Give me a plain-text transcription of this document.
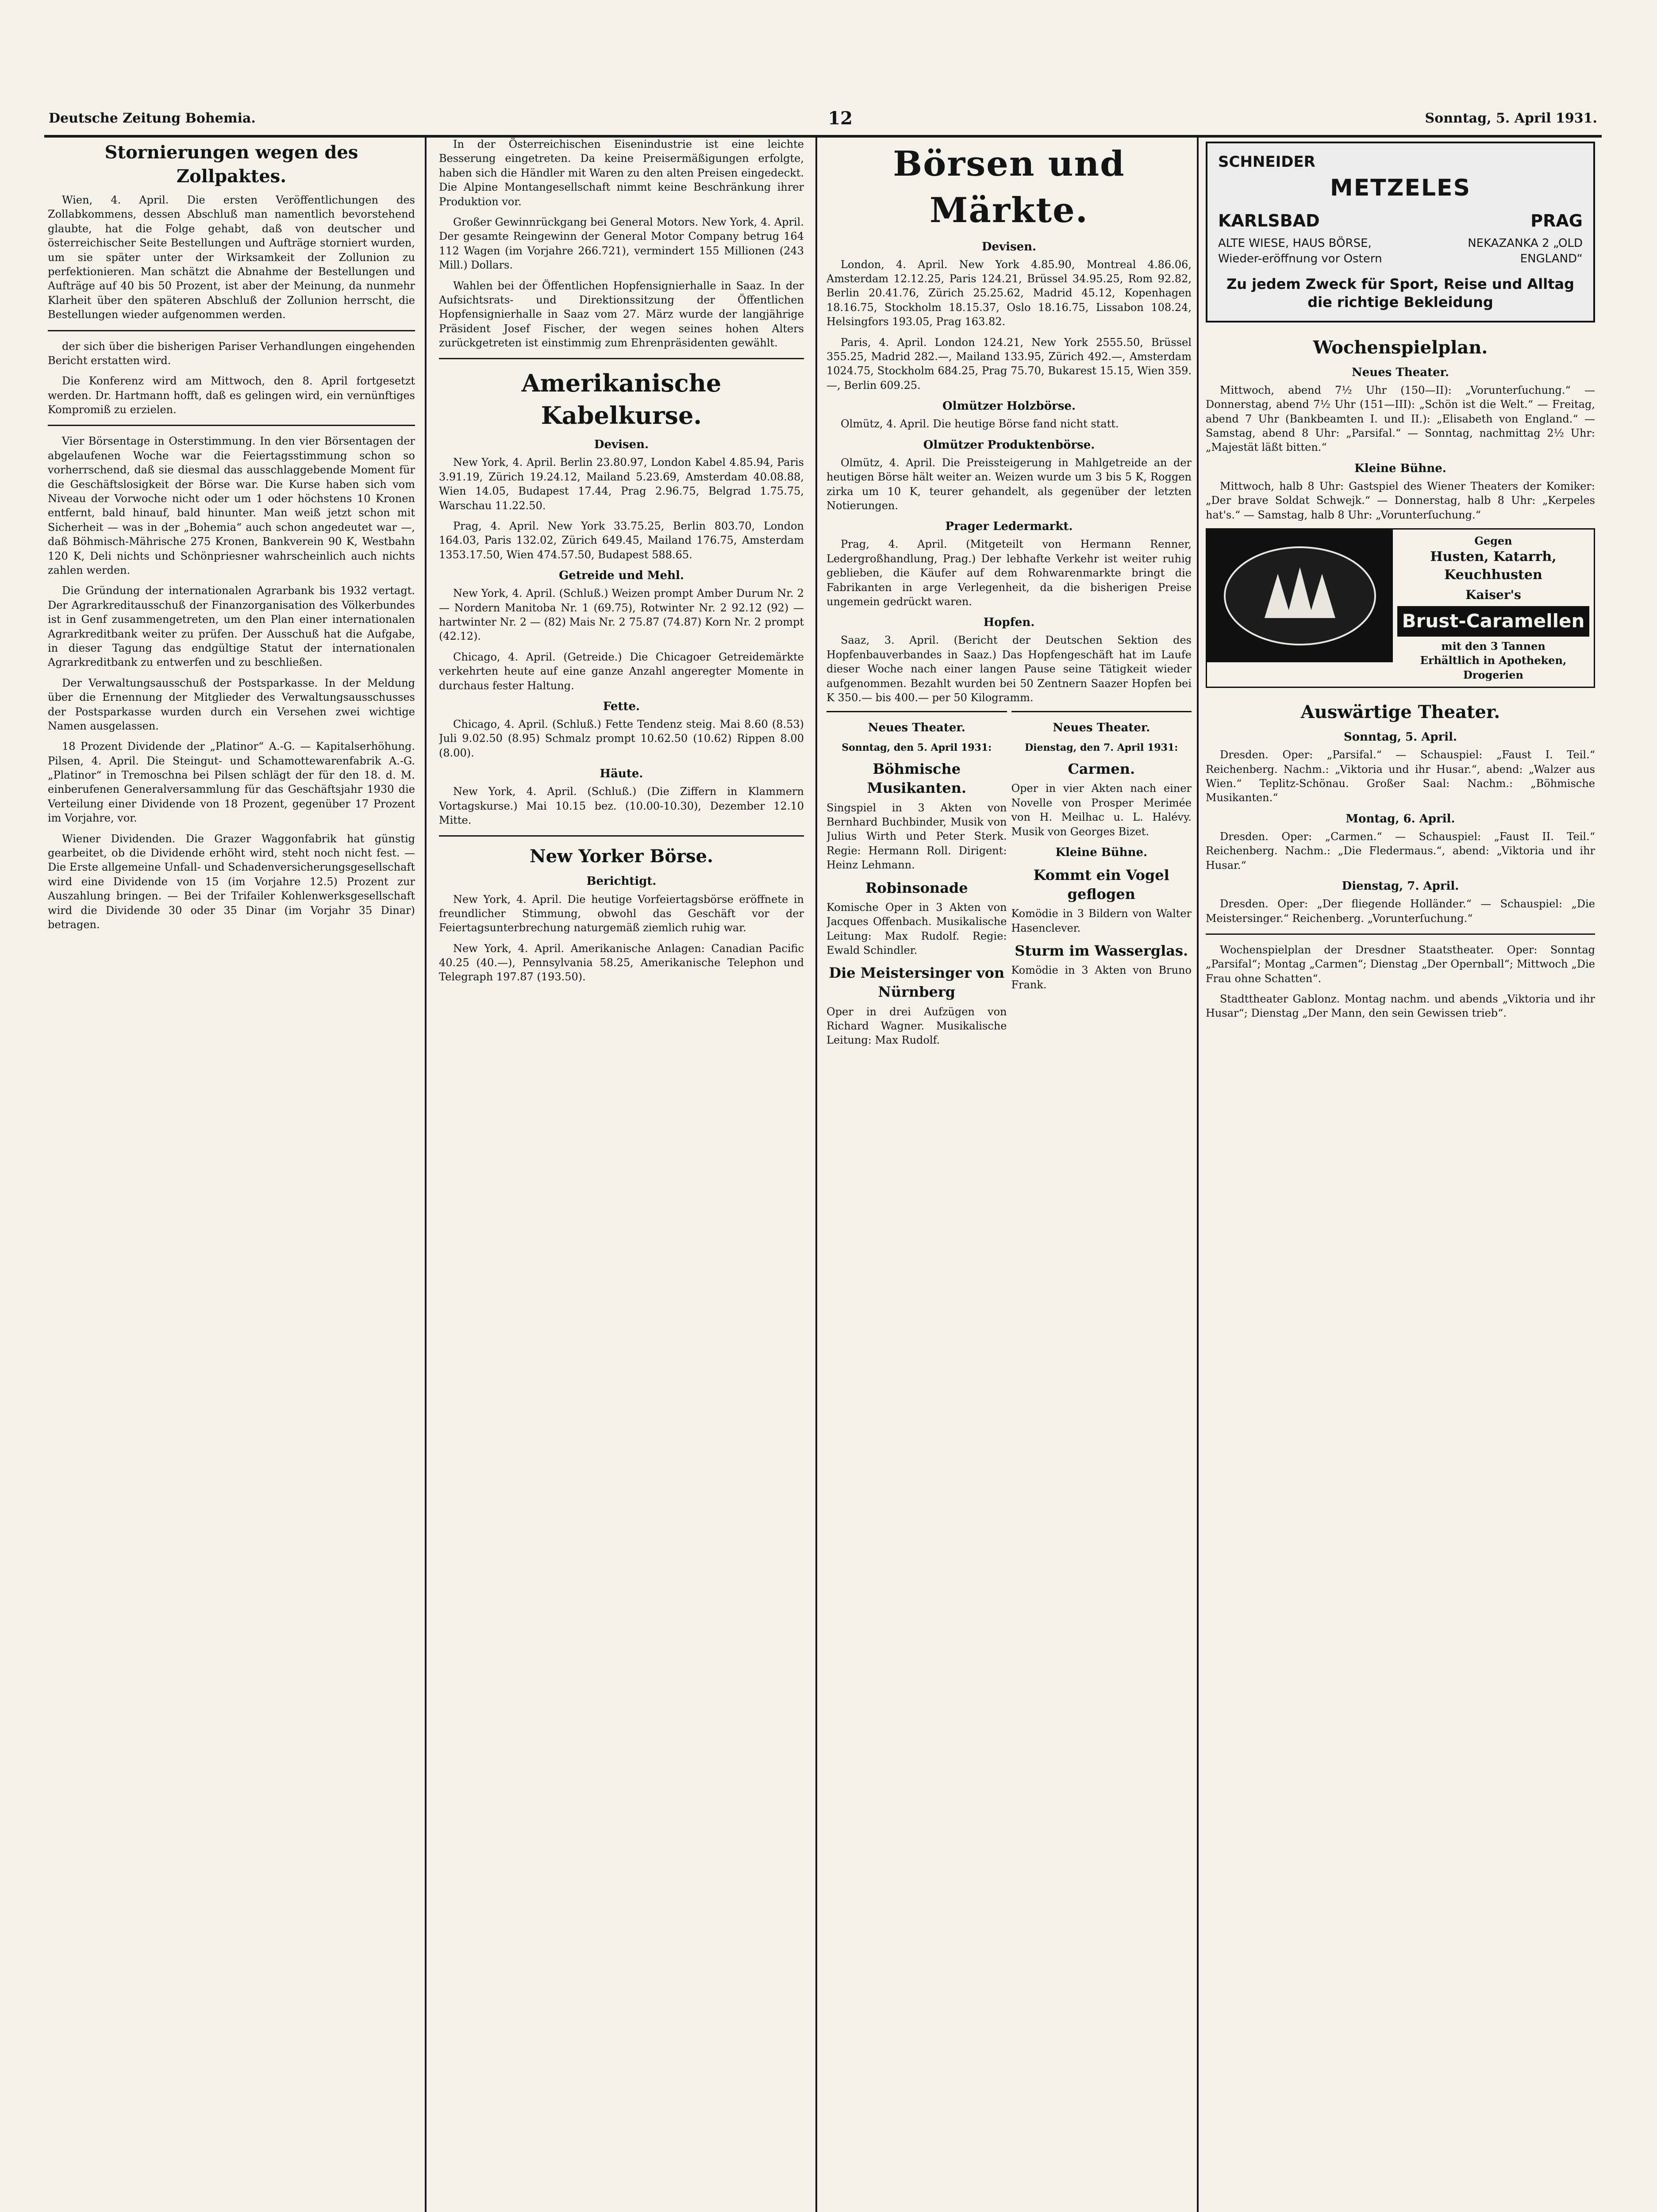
Deutsche Zeitung Bohemia.	12	Sonntag, 5. April 1931.
Stornierungen wegen des Zollpaktes.

Wien, 4. April. Die ersten Veröffentlichungen des Zollabkommens, dessen Abschluß man namentlich bevorstehend glaubte, hat die Folge gehabt, daß von deutscher und österreichischer Seite Bestellungen und Aufträge storniert wurden, um sie später unter der Wirksamkeit der Zollunion zu perfektionieren. Man schätzt die Abnahme der Bestellungen und Aufträge auf 40 bis 50 Prozent, ist aber der Meinung, da nunmehr Klarheit über den späteren Abschluß der Zollunion herrscht, die Bestellungen wieder aufgenommen werden.

der sich über die bisherigen Pariser Verhandlungen eingehenden Bericht erstatten wird.

Die Konferenz wird am Mittwoch, den 8. April fortgesetzt werden. Dr. Hartmann hofft, daß es gelingen wird, ein vernünftiges Kompromiß zu erzielen.

Vier Börsentage in Osterstimmung. In den vier Börsentagen der abgelaufenen Woche war die Feiertagsstimmung schon so vorherrschend, daß sie diesmal das ausschlaggebende Moment für die Geschäftslosigkeit der Börse war. Die Kurse haben sich vom Niveau der Vorwoche nicht oder um 1 oder höchstens 10 Kronen entfernt, bald hinauf, bald hinunter. Man weiß jetzt schon mit Sicherheit — was in der „Bohemia“ auch schon angedeutet war —, daß Böhmisch-Mährische 275 Kronen, Bankverein 90 K, Westbahn 120 K, Deli nichts und Schönpriesner wahrscheinlich auch nichts zahlen werden.

Die Gründung der internationalen Agrarbank bis 1932 vertagt. Der Agrarkreditausschuß der Finanzorganisation des Völkerbundes ist in Genf zusammengetreten, um den Plan einer internationalen Agrarkreditbank weiter zu prüfen. Der Ausschuß hat die Aufgabe, in dieser Tagung das endgültige Statut der internationalen Agrarkreditbank zu entwerfen und zu beschließen.

Der Verwaltungsausschuß der Postsparkasse. In der Meldung über die Ernennung der Mitglieder des Verwaltungsausschusses der Postsparkasse wurden durch ein Versehen zwei wichtige Namen ausgelassen.

18 Prozent Dividende der „Platinor“ A.-G. — Kapitalserhöhung. Pilsen, 4. April. Die Steingut- und Schamottewarenfabrik A.-G. „Platinor“ in Tremoschna bei Pilsen schlägt der für den 18. d. M. einberufenen Generalversammlung für das Geschäftsjahr 1930 die Verteilung einer Dividende von 18 Prozent, gegenüber 17 Prozent im Vorjahre, vor.

Wiener Dividenden. Die Grazer Waggonfabrik hat günstig gearbeitet, ob die Dividende erhöht wird, steht noch nicht fest. — Die Erste allgemeine Unfall- und Schadenversicherungsgesellschaft wird eine Dividende von 15 (im Vorjahre 12.5) Prozent zur Auszahlung bringen. — Bei der Trifailer Kohlenwerksgesellschaft wird die Dividende 30 oder 35 Dinar (im Vorjahr 35 Dinar) betragen.

In der Österreichischen Eisenindustrie ist eine leichte Besserung eingetreten. Da keine Preisermäßigungen erfolgte, haben sich die Händler mit Waren zu den alten Preisen eingedeckt. Die Alpine Montangesellschaft nimmt keine Beschränkung ihrer Produktion vor.

Großer Gewinnrückgang bei General Motors. New York, 4. April. Der gesamte Reingewinn der General Motor Company betrug 164 112 Wagen (im Vorjahre 266.721), vermindert 155 Millionen (243 Mill.) Dollars.

Wahlen bei der Öffentlichen Hopfensignierhalle in Saaz. In der Aufsichtsrats- und Direktionssitzung der Öffentlichen Hopfensignierhalle in Saaz vom 27. März wurde der langjährige Präsident Josef Fischer, der wegen seines hohen Alters zurückgetreten ist einstimmig zum Ehrenpräsidenten gewählt.

Amerikanische Kabelkurse.
Devisen.

New York, 4. April. Berlin 23.80.97, London Kabel 4.85.94, Paris 3.91.19, Zürich 19.24.12, Mailand 5.23.69, Amsterdam 40.08.88, Wien 14.05, Budapest 17.44, Prag 2.96.75, Belgrad 1.75.75, Warschau 11.22.50.

Prag, 4. April. New York 33.75.25, Berlin 803.70, London 164.03, Paris 132.02, Zürich 649.45, Mailand 176.75, Amsterdam 1353.17.50, Wien 474.57.50, Budapest 588.65.

Getreide und Mehl.

New York, 4. April. (Schluß.) Weizen prompt Amber Durum Nr. 2 — Nordern Manitoba Nr. 1 (69.75), Rotwinter Nr. 2 92.12 (92) — hartwinter Nr. 2 — (82) Mais Nr. 2 75.87 (74.87) Korn Nr. 2 prompt (42.12).

Chicago, 4. April. (Getreide.) Die Chicagoer Getreidemärkte verkehrten heute auf eine ganze Anzahl angeregter Momente in durchaus fester Haltung.

Fette.

Chicago, 4. April. (Schluß.) Fette Tendenz steig. Mai 8.60 (8.53) Juli 9.02.50 (8.95) Schmalz prompt 10.62.50 (10.62) Rippen 8.00 (8.00).

Häute.

New York, 4. April. (Schluß.) (Die Ziffern in Klammern Vortagskurse.) Mai 10.15 bez. (10.00-10.30), Dezember 12.10 Mitte.

New Yorker Börse.
Berichtigt.

New York, 4. April. Die heutige Vorfeiertagsbörse eröffnete in freundlicher Stimmung, obwohl das Geschäft vor der Feiertagsunterbrechung naturgemäß ziemlich ruhig war.

New York, 4. April. Amerikanische Anlagen: Canadian Pacific 40.25 (40.—), Pennsylvania 58.25, Amerikanische Telephon und Telegraph 197.87 (193.50).

Börsen und Märkte.
Devisen.

London, 4. April. New York 4.85.90, Montreal 4.86.06, Amsterdam 12.12.25, Paris 124.21, Brüssel 34.95.25, Rom 92.82, Berlin 20.41.76, Zürich 25.25.62, Madrid 45.12, Kopenhagen 18.16.75, Stockholm 18.15.37, Oslo 18.16.75, Lissabon 108.24, Helsingfors 193.05, Prag 163.82.

Paris, 4. April. London 124.21, New York 2555.50, Brüssel 355.25, Madrid 282.—, Mailand 133.95, Zürich 492.—, Amsterdam 1024.75, Stockholm 684.25, Prag 75.70, Bukarest 15.15, Wien 359.—, Berlin 609.25.

Olmützer Holzbörse.

Olmütz, 4. April. Die heutige Börse fand nicht statt.

Olmützer Produktenbörse.

Olmütz, 4. April. Die Preissteigerung in Mahlgetreide an der heutigen Börse hält weiter an. Weizen wurde um 3 bis 5 K, Roggen zirka um 10 K, teurer gehandelt, als gegenüber der letzten Notierungen.

Prager Ledermarkt.

Prag, 4. April. (Mitgeteilt von Hermann Renner, Ledergroßhandlung, Prag.) Der lebhafte Verkehr ist weiter ruhig geblieben, die Käufer auf dem Rohwarenmarkte bringt die Fabrikanten in arge Verlegenheit, da die bisherigen Preise ungemein gedrückt waren.

Hopfen.

Saaz, 3. April. (Bericht der Deutschen Sektion des Hopfenbauverbandes in Saaz.) Das Hopfengeschäft hat im Laufe dieser Woche nach einer langen Pause seine Tätigkeit wieder aufgenommen. Bezahlt wurden bei 50 Zentnern Saazer Hopfen bei K 350.— bis 400.— per 50 Kilogramm.

Neues Theater.
Sonntag, den 5. April 1931:
Böhmische Musikanten.

Singspiel in 3 Akten von Bernhard Buchbinder, Musik von Julius Wirth und Peter Sterk. Regie: Hermann Roll. Dirigent: Heinz Lehmann.

Robinsonade

Komische Oper in 3 Akten von Jacques Offenbach. Musikalische Leitung: Max Rudolf. Regie: Ewald Schindler.

Die Meistersinger von Nürnberg

Oper in drei Aufzügen von Richard Wagner. Musikalische Leitung: Max Rudolf.

Neues Theater.
Dienstag, den 7. April 1931:
Carmen.

Oper in vier Akten nach einer Novelle von Prosper Merimée von H. Meilhac u. L. Halévy. Musik von Georges Bizet.

Kleine Bühne.
Kommt ein Vogel geflogen

Komödie in 3 Bildern von Walter Hasenclever.

Sturm im Wasserglas.

Komödie in 3 Akten von Bruno Frank.

SCHNEIDER
METZELES
KARLSBAD	PRAG
ALTE WIESE, HAUS BÖRSE, Wieder-eröffnung vor Ostern
NEKAZANKA 2 „OLD ENGLAND“
Zu jedem Zweck für Sport, Reise und Alltag die richtige Bekleidung
Wochenspielplan.
Neues Theater.

Mittwoch, abend 7½ Uhr (150—II): „Vorunterſuchung.“ — Donnerstag, abend 7½ Uhr (151—III): „Schön ist die Welt.“ — Freitag, abend 7 Uhr (Bankbeamten I. und II.): „Elisabeth von England.“ — Samstag, abend 8 Uhr: „Parsifal.“ — Sonntag, nachmittag 2½ Uhr: „Majestät läßt bitten.“

Kleine Bühne.

Mittwoch, halb 8 Uhr: Gastspiel des Wiener Theaters der Komiker: „Der brave Soldat Schwejk.“ — Donnerstag, halb 8 Uhr: „Kerpeles hat's.“ — Samstag, halb 8 Uhr: „Vorunterſuchung.“

Gegen
Husten, Katarrh, Keuchhusten
Kaiser's
Brust-Caramellen
mit den 3 Tannen
Erhältlich in Apotheken, Drogerien
Auswärtige Theater.
Sonntag, 5. April.

Dresden. Oper: „Parsifal.“ — Schauspiel: „Faust I. Teil.“ Reichenberg. Nachm.: „Viktoria und ihr Husar.“, abend: „Walzer aus Wien.“ Teplitz-Schönau. Großer Saal: Nachm.: „Böhmische Musikanten.“

Montag, 6. April.

Dresden. Oper: „Carmen.“ — Schauspiel: „Faust II. Teil.“ Reichenberg. Nachm.: „Die Fledermaus.“, abend: „Viktoria und ihr Husar.“

Dienstag, 7. April.

Dresden. Oper: „Der fliegende Holländer.“ — Schauspiel: „Die Meistersinger.“ Reichenberg. „Vorunterſuchung.“

Wochenspielplan der Dresdner Staatstheater. Oper: Sonntag „Parsifal“; Montag „Carmen“; Dienstag „Der Opernball“; Mittwoch „Die Frau ohne Schatten“.

Stadttheater Gablonz. Montag nachm. und abends „Viktoria und ihr Husar“; Dienstag „Der Mann, den sein Gewissen trieb“.
